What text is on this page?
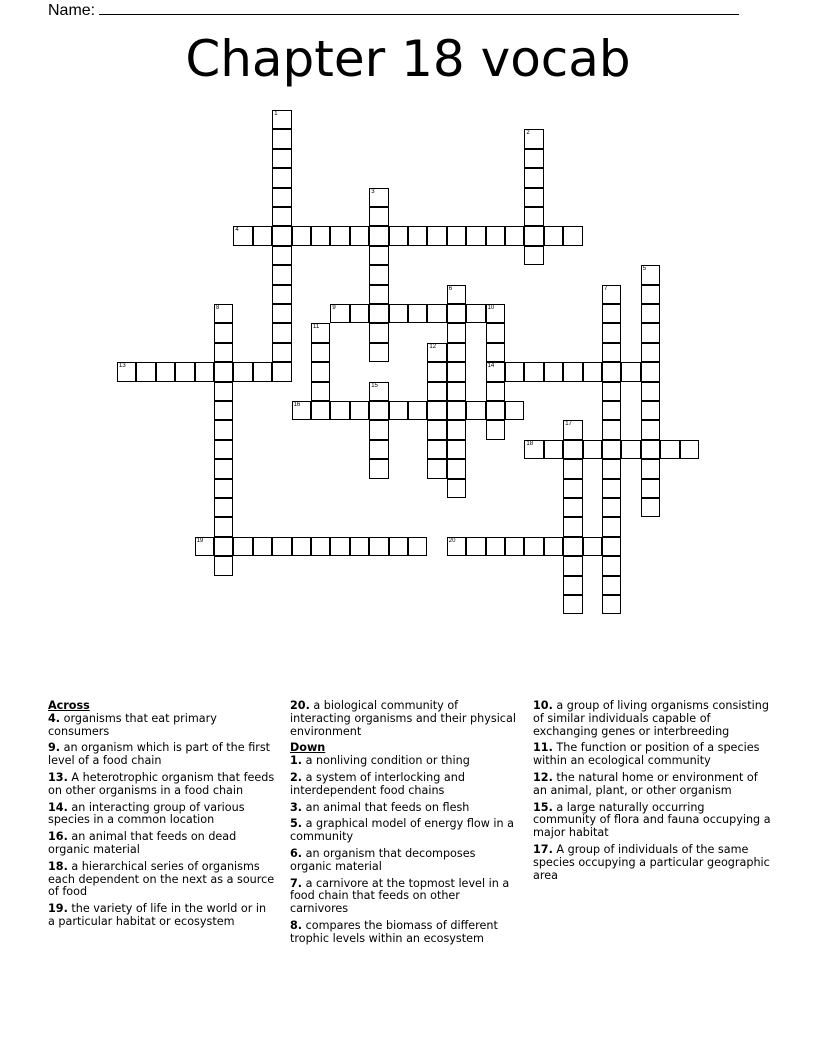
Name:
Chapter 18 vocab
1
2
3
4
5
6	7
8	9	10
14
11
12
13
15
16
17
18
19	20
Across
4. organisms that eat primary consumers
9. an organism which is part of the first level of a food chain
13. A heterotrophic organism that feeds on other organisms in a food chain
14. an interacting group of various species in a common location
16. an animal that feeds on dead organic material
18. a hierarchical series of organisms each dependent on the next as a source of food
19. the variety of life in the world or in a particular habitat or ecosystem
20. a biological community of interacting organisms and their physical environment
Down
1. a nonliving condition or thing
2. a system of interlocking and interdependent food chains
3. an animal that feeds on flesh
5. a graphical model of energy flow in a community
6. an organism that decomposes organic material
7. a carnivore at the topmost level in a food chain that feeds on other carnivores
8. compares the biomass of different trophic levels within an ecosystem
10. a group of living organisms consisting of similar individuals capable of exchanging genes or interbreeding
11. The function or position of a species within an ecological community
12. the natural home or environment of an animal, plant, or other organism
15. a large naturally occurring community of flora and fauna occupying a major habitat
17. A group of individuals of the same species occupying a particular geographic area
